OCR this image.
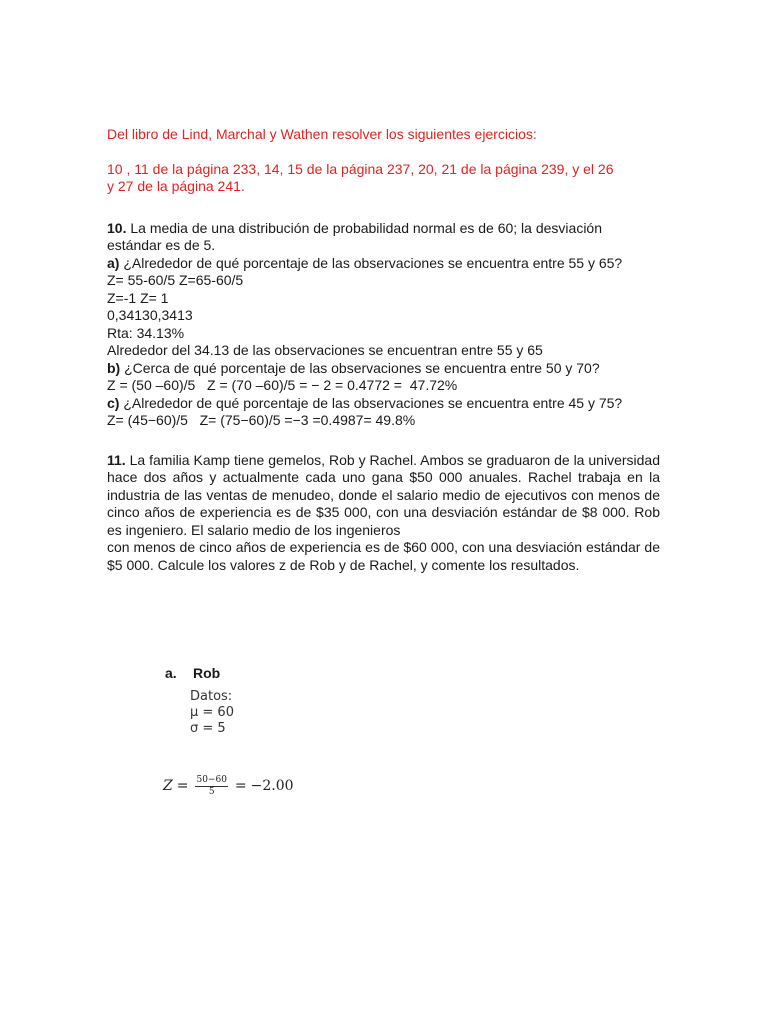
Del libro de Lind, Marchal y Wathen resolver los siguientes ejercicios:

10 , 11 de la página 233, 14, 15 de la página 237, 20, 21 de la página 239, y el 26
y 27 de la página 241.

10. La media de una distribución de probabilidad normal es de 60; la desviación
estándar es de 5.

a) ¿Alrededor de qué porcentaje de las observaciones se encuentra entre 55 y 65?

Z= 55-60/5 Z=65-60/5

Z=-1 Z= 1

0,34130,3413

Rta: 34.13%

Alrededor del 34.13 de las observaciones se encuentran entre 55 y 65

b) ¿Cerca de qué porcentaje de las observaciones se encuentra entre 50 y 70?

Z = (50 –60)/5   Z = (70 –60)/5 = − 2 = 0.4772 =  47.72%

c) ¿Alrededor de qué porcentaje de las observaciones se encuentra entre 45 y 75?

Z= (45−60)/5   Z= (75−60)/5 =−3 =0.4987= 49.8%

11. La familia Kamp tiene gemelos, Rob y Rachel. Ambos se graduaron de la universidad hace dos años y actualmente cada uno gana $50 000 anuales. Rachel trabaja en la industria de las ventas de menudeo, donde el salario medio de ejecutivos con menos de cinco años de experiencia es de $35 000, con una desviación estándar de $8 000. Rob es ingeniero. El salario medio de los ingenieros

con menos de cinco años de experiencia es de $60 000, con una desviación estándar de $5 000. Calcule los valores z de Rob y de Rachel, y comente los resultados.

a. Rob
Datos:
μ = 60
σ = 5
$Z = \frac{50-60}{5} = -2.00$
